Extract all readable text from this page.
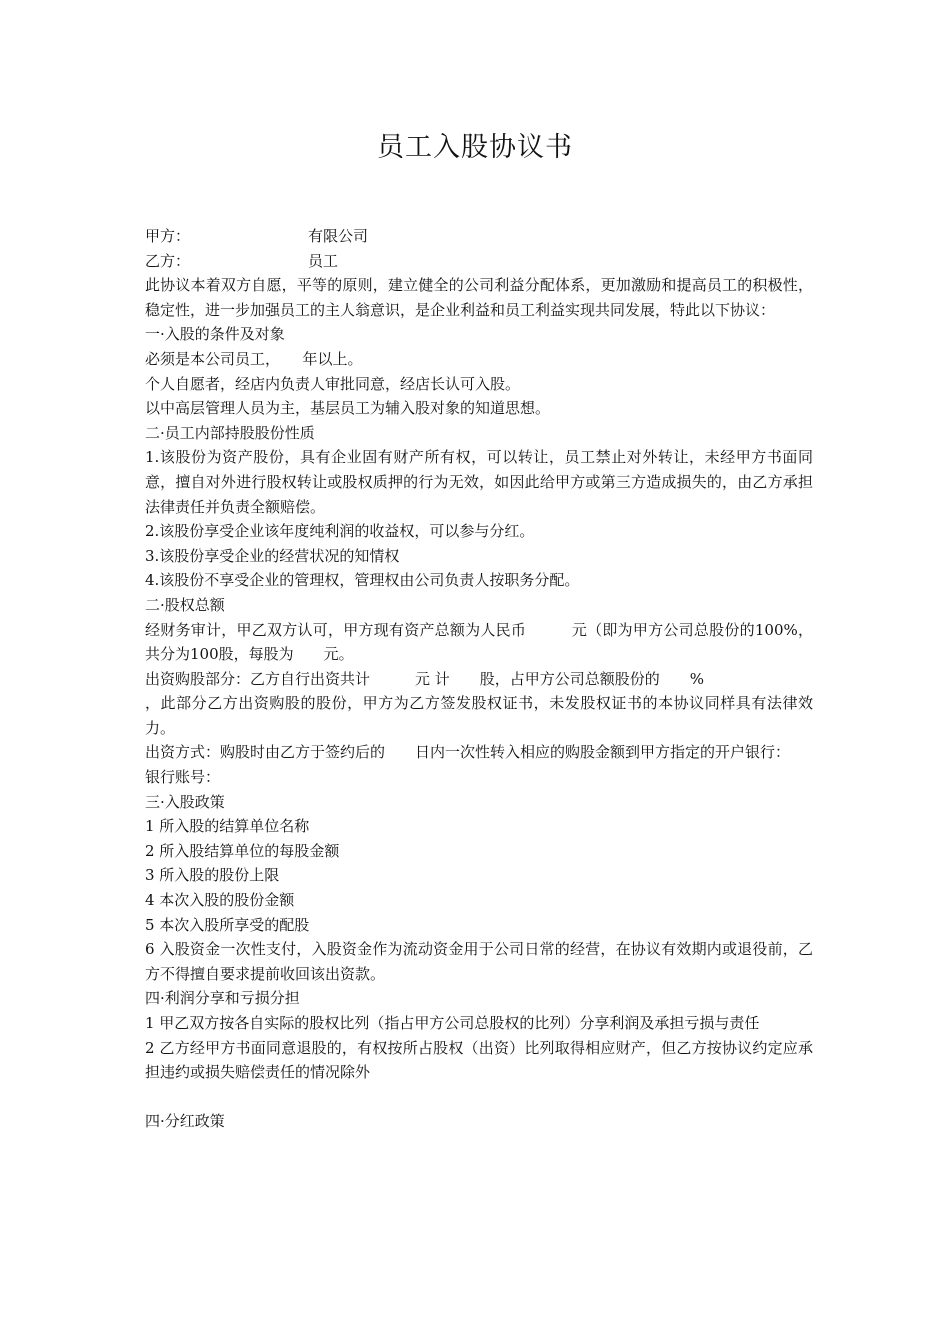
员工入股协议书
甲方：	有限公司
乙方：	员工
此协议本着双方自愿，平等的原则，建立健全的公司利益分配体系，更加激励和提高员工的积极性，稳定性，进一步加强员工的主人翁意识，是企业利益和员工利益实现共同发展，特此以下协议：
一·入股的条件及对象
必须是本公司员工，　　年以上。
个人自愿者，经店内负责人审批同意，经店长认可入股。
以中高层管理人员为主，基层员工为辅入股对象的知道思想。
二·员工内部持股股份性质
1.该股份为资产股份，具有企业固有财产所有权，可以转让，员工禁止对外转让，未经甲方书面同意，擅自对外进行股权转让或股权质押的行为无效，如因此给甲方或第三方造成损失的，由乙方承担法律责任并负责全额赔偿。
2.该股份享受企业该年度纯利润的收益权，可以参与分红。
3.该股份享受企业的经营状况的知情权
4.该股份不享受企业的管理权，管理权由公司负责人按职务分配。
二·股权总额
经财务审计，甲乙双方认可，甲方现有资产总额为人民币　　　元（即为甲方公司总股份的100%，共分为100股，每股为　　元。
出资购股部分：乙方自行出资共计　　　元 计　　股，占甲方公司总额股份的　　%
，此部分乙方出资购股的股份，甲方为乙方签发股权证书，未发股权证书的本协议同样具有法律效力。
出资方式：购股时由乙方于签约后的　　日内一次性转入相应的购股金额到甲方指定的开户银行：
银行账号：
三·入股政策
1 所入股的结算单位名称
2 所入股结算单位的每股金额
3 所入股的股份上限
4 本次入股的股份金额
5 本次入股所享受的配股
6 入股资金一次性支付，入股资金作为流动资金用于公司日常的经营，在协议有效期内或退役前，乙方不得擅自要求提前收回该出资款。
四·利润分享和亏损分担
1 甲乙双方按各自实际的股权比列（指占甲方公司总股权的比列）分享利润及承担亏损与责任
2 乙方经甲方书面同意退股的，有权按所占股权（出资）比列取得相应财产，但乙方按协议约定应承担违约或损失赔偿责任的情况除外
四·分红政策
